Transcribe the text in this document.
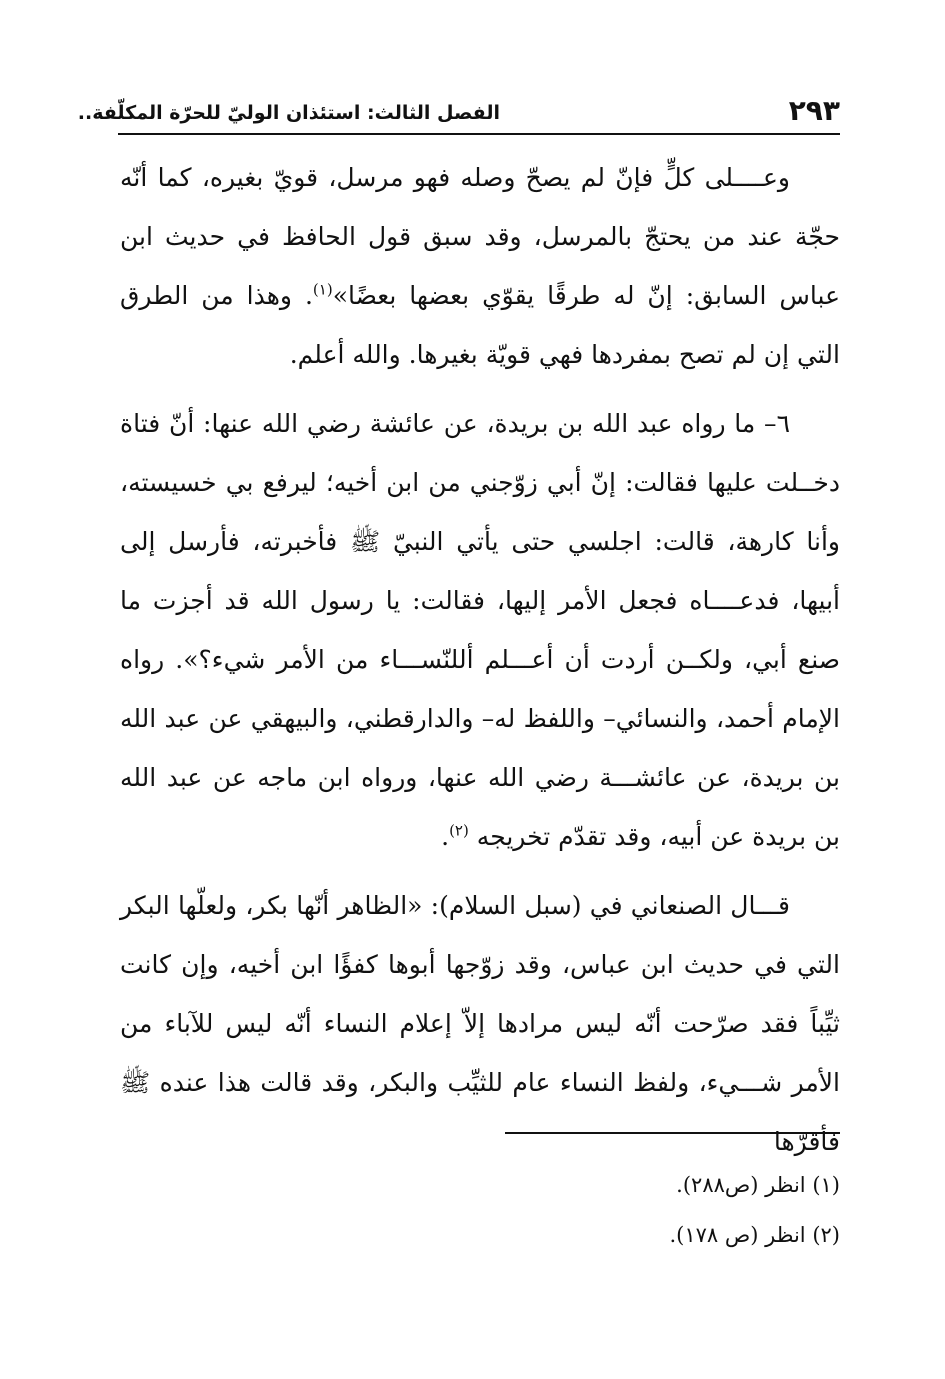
٢٩٣
الفصل الثالث: استئذان الوليّ للحرّة المكلّفة..

وعــــلى كلٍّ فإنّ لم يصحّ وصله فهو مرسل، قويّ بغيره، كما أنّه حجّة عند من يحتجّ بالمرسل، وقد سبق قول الحافظ في حديث ابن عباس السابق: إنّ له طرقًا يقوّي بعضها بعضًا»$^{(١)}$. وهذا من الطرق التي إن لم تصح بمفردها فهي قويّة بغيرها. والله أعلم.

٦– ما رواه عبد الله بن بريدة، عن عائشة رضي الله عنها: أنّ فتاة دخــلت عليها فقالت: إنّ أبي زوّجني من ابن أخيه؛ ليرفع بي خسيسته، وأنا كارهة، قالت: اجلسي حتى يأتي النبيّ ﷺ فأخبرته، فأرسل إلى أبيها، فدعــــاه فجعل الأمر إليها، فقالت: يا رسول الله قد أجزت ما صنع أبي، ولكــن أردت أن أعـــلم أللنّســـاء من الأمر شيء؟». رواه الإمام أحمد، والنسائي– واللفظ له– والدارقطني، والبيهقي عن عبد الله بن بريدة، عن عائشـــة رضي الله عنها، ورواه ابن ماجه عن عبد الله بن بريدة عن أبيه، وقد تقدّم تخريجه $^{(٢)}$.

قـــال الصنعاني في (سبل السلام): «الظاهر أنّها بكر، ولعلّها البكر التي في حديث ابن عباس، وقد زوّجها أبوها كفؤًا ابن أخيه، وإن كانت ثيِّباً فقد صرّحت أنّه ليس مرادها إلاّ إعلام النساء أنّه ليس للآباء من الأمر شـــيء، ولفظ النساء عام للثيِّب والبكر، وقد قالت هذا عنده ﷺ فأقرّها

(١) انظر (ص٢٨٨).
(٢) انظر (ص ١٧٨).
